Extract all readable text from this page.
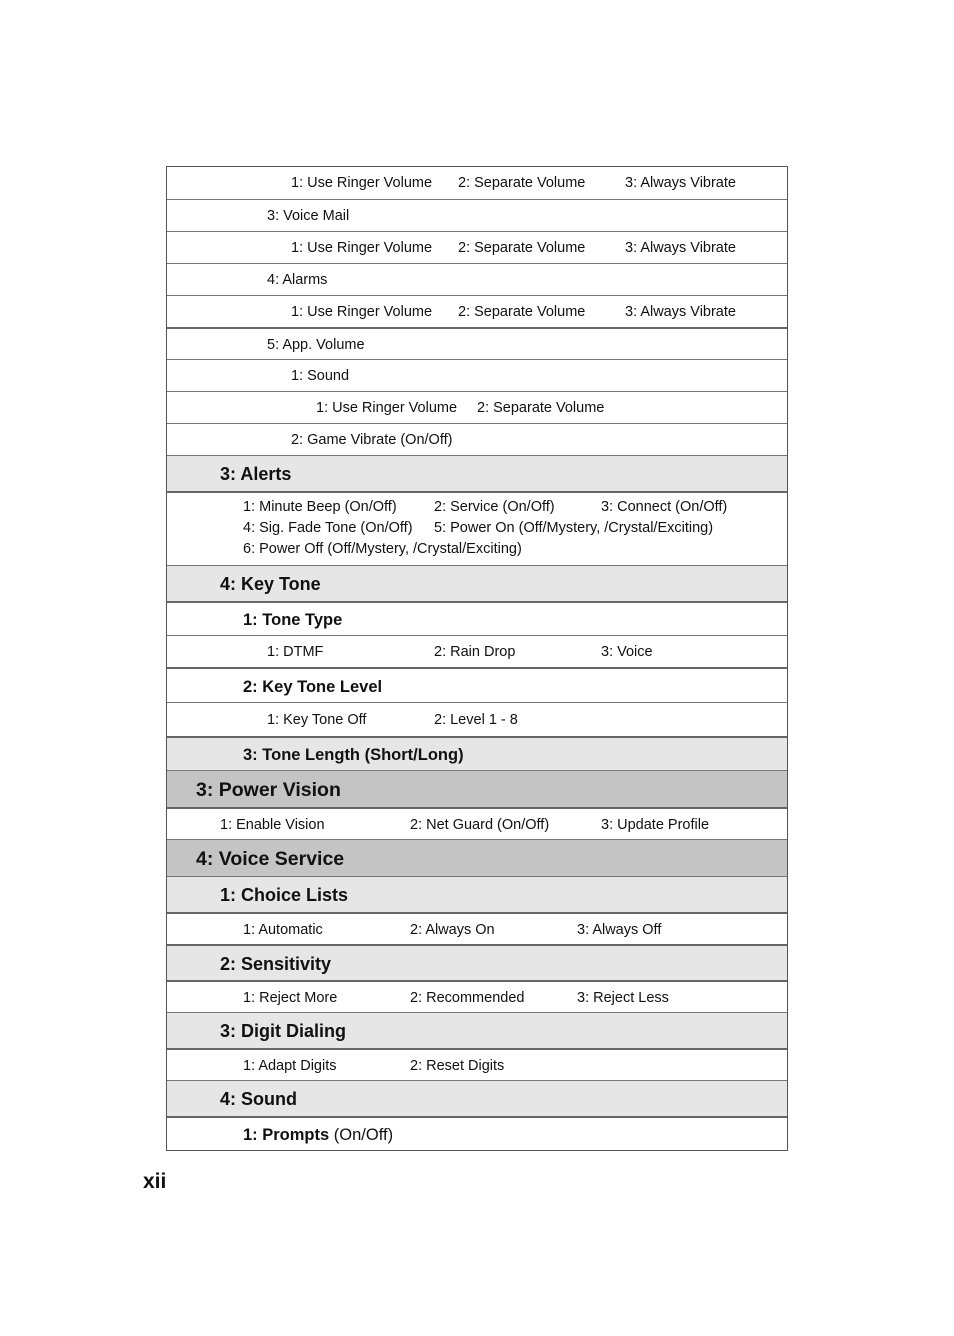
1: Use Ringer Volume 2: Separate Volume	3: Always Vibrate
3: Voice Mail
1: Use Ringer Volume 2: Separate Volume	3: Always Vibrate
4: Alarms
1: Use Ringer Volume 2: Separate Volume	3: Always Vibrate
5: App. Volume
1: Sound
1: Use Ringer Volume 2: Separate Volume
2: Game Vibrate (On/Off)
3: Alerts
1: Minute Beep (On/Off)	2: Service (On/Off)	3: Connect (On/Off)
4: Sig. Fade Tone (On/Off) 5: Power On (Off/Mystery, /Crystal/Exciting)
6: Power Off (Off/Mystery, /Crystal/Exciting)
4: Key Tone
1: Tone Type
1: DTMF	2: Rain Drop	3: Voice
2: Key Tone Level
1: Key Tone Off	2: Level 1 - 8
3: Tone Length (Short/Long)
3: Power Vision
1: Enable Vision	2: Net Guard (On/Off)	3: Update Profile
4: Voice Service
1: Choice Lists
1: Automatic	2: Always On	3: Always Off
2: Sensitivity
1: Reject More	2: Recommended	3: Reject Less
3: Digit Dialing
1: Adapt Digits	2: Reset Digits
4: Sound
1: Prompts (On/Off)
xii
